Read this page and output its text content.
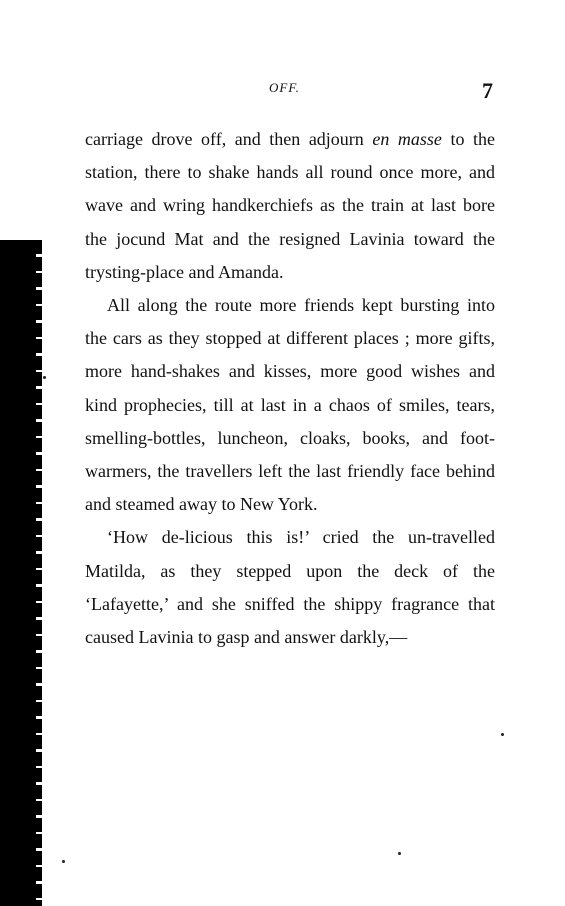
OFF.	7

carriage drove off, and then adjourn en masse to the station, there to shake hands all round once more, and wave and wring handkerchiefs as the train at last bore the jocund Mat and the resigned Lavinia toward the trysting-place and Amanda.

All along the route more friends kept bursting into the cars as they stopped at different places ; more gifts, more hand-shakes and kisses, more good wishes and kind prophecies, till at last in a chaos of smiles, tears, smelling-bottles, luncheon, cloaks, books, and foot-warmers, the travellers left the last friendly face behind and steamed away to New York.

‘How de-licious this is!’ cried the un-travelled Matilda, as they stepped upon the deck of the ‘Lafayette,’ and she sniffed the shippy fragrance that caused Lavinia to gasp and answer darkly,—
